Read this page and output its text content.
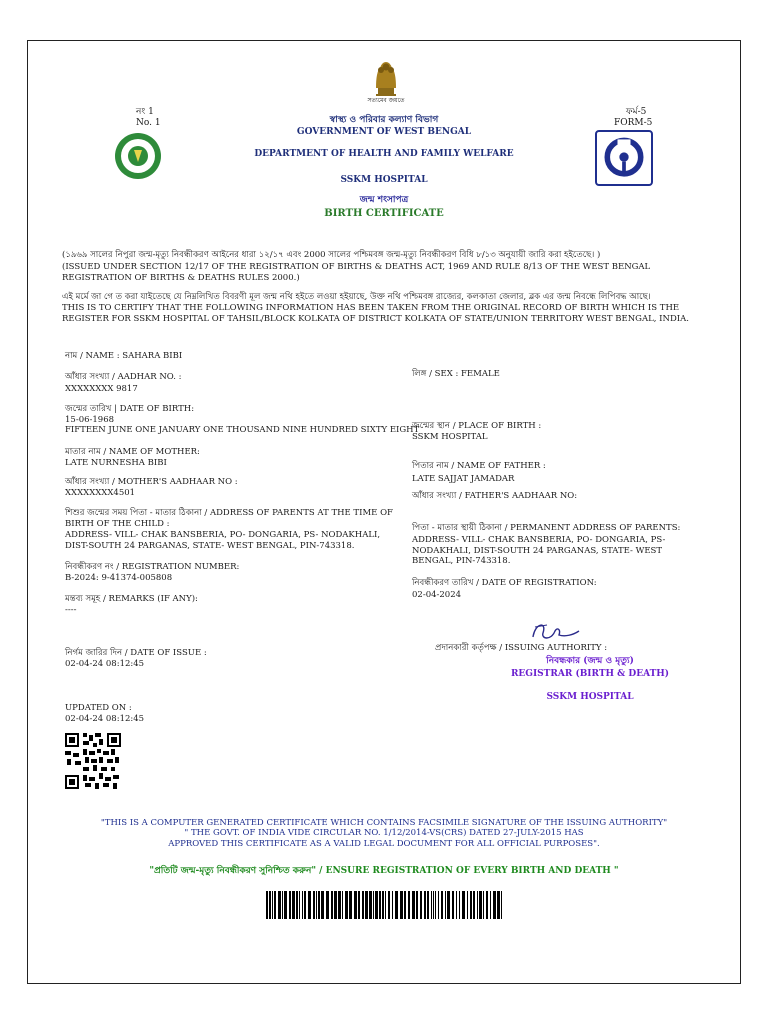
সত্যমেব জয়তে
নং 1
No. 1
ফর্ম-5
FORM-5
স্বাস্থ্য ও পরিবার কল্যাণ বিভাগ
GOVERNMENT OF WEST BENGAL
DEPARTMENT OF HEALTH AND FAMILY WELFARE
SSKM HOSPITAL
জন্ম শংসাপত্র
BIRTH CERTIFICATE
(১৯৬৯ সালের নিপুরা জন্ম-মৃত্যু নিবন্ধীকরণ আইনের ধারা ১২/১৭ এবং 2000 সালের পশ্চিমবঙ্গ জন্ম-মৃত্যু নিবন্ধীকরণ বিধি ৮/১৩ অনুযায়ী জারি করা হইতেছে। )
(ISSUED UNDER SECTION 12/17 OF THE REGISTRATION OF BIRTHS & DEATHS ACT, 1969 AND RULE 8/13 OF THE WEST BENGAL REGISTRATION OF BIRTHS & DEATHS RULES 2000.)
এই মর্মে জা গে ত করা যাইতেছে যে নিম্নলিখিত বিবরণী মূল জন্ম নথি হইতে লওয়া হইয়াছে, উক্ত নথি পশ্চিমবঙ্গ রাজ্যের, কলকাতা জেলার, ব্লক এর জন্ম নিবন্ধে লিপিবদ্ধ আছে।
THIS IS TO CERTIFY THAT THE FOLLOWING INFORMATION HAS BEEN TAKEN FROM THE ORIGINAL RECORD OF BIRTH WHICH IS THE REGISTER FOR SSKM HOSPITAL OF TAHSIL/BLOCK KOLKATA OF DISTRICT KOLKATA OF STATE/UNION TERRITORY WEST BENGAL, INDIA.
নাম / NAME : SAHARA BIBI
আঁধার সংখ্যা / AADHAR NO. :
XXXXXXXX 9817
জন্মের তারিখ | DATE OF BIRTH:
15-06-1968
FIFTEEN JUNE ONE JANUARY ONE THOUSAND NINE HUNDRED SIXTY EIGHT
মাতার নাম / NAME OF MOTHER:
LATE NURNESHA BIBI
আঁধার সংখ্যা / MOTHER'S AADHAAR NO :
XXXXXXXX4501
শিশুর জন্মের সময় পিতা - মাতার ঠিকানা / ADDRESS OF PARENTS AT THE TIME OF
BIRTH OF THE CHILD :
ADDRESS- VILL- CHAK BANSBERIA, PO- DONGARIA, PS- NODAKHALI, DIST-SOUTH 24 PARGANAS, STATE- WEST BENGAL, PIN-743318.
নিবন্ধীকরণ নং / REGISTRATION NUMBER:
B-2024: 9-41374-005808
মন্তব্য সমূহ / REMARKS (IF ANY):
----
নির্গম জারির দিন / DATE OF ISSUE :
02-04-24 08:12:45
UPDATED ON :
02-04-24 08:12:45
লিঙ্গ / SEX : FEMALE
জন্মের স্থান / PLACE OF BIRTH :
SSKM HOSPITAL
পিতার নাম / NAME OF FATHER :
LATE SAJJAT JAMADAR
আঁধার সংখ্যা / FATHER'S AADHAAR NO:
পিতা - মাতার স্থায়ী ঠিকানা / PERMANENT ADDRESS OF PARENTS:
ADDRESS- VILL- CHAK BANSBERIA, PO- DONGARIA, PS- NODAKHALI, DIST-SOUTH 24 PARGANAS, STATE- WEST BENGAL, PIN-743318.
নিবন্ধীকরণ তারিখ / DATE OF REGISTRATION:
02-04-2024
প্রদানকারী কর্তৃপক্ষ / ISSUING AUTHORITY :
নিবন্ধকার (জন্ম ও মৃত্যু)
REGISTRAR (BIRTH & DEATH)
SSKM HOSPITAL
"THIS IS A COMPUTER GENERATED CERTIFICATE WHICH CONTAINS FACSIMILE SIGNATURE OF THE ISSUING AUTHORITY"
" THE GOVT. OF INDIA VIDE CIRCULAR NO. 1/12/2014-VS(CRS) DATED 27-JULY-2015 HAS
APPROVED THIS CERTIFICATE AS A VALID LEGAL DOCUMENT FOR ALL OFFICIAL PURPOSES".
"প্রতিটি জন্ম-মৃত্যু নিবন্ধীকরণ সুনিশ্চিত করুন" / ENSURE REGISTRATION OF EVERY BIRTH AND DEATH "
